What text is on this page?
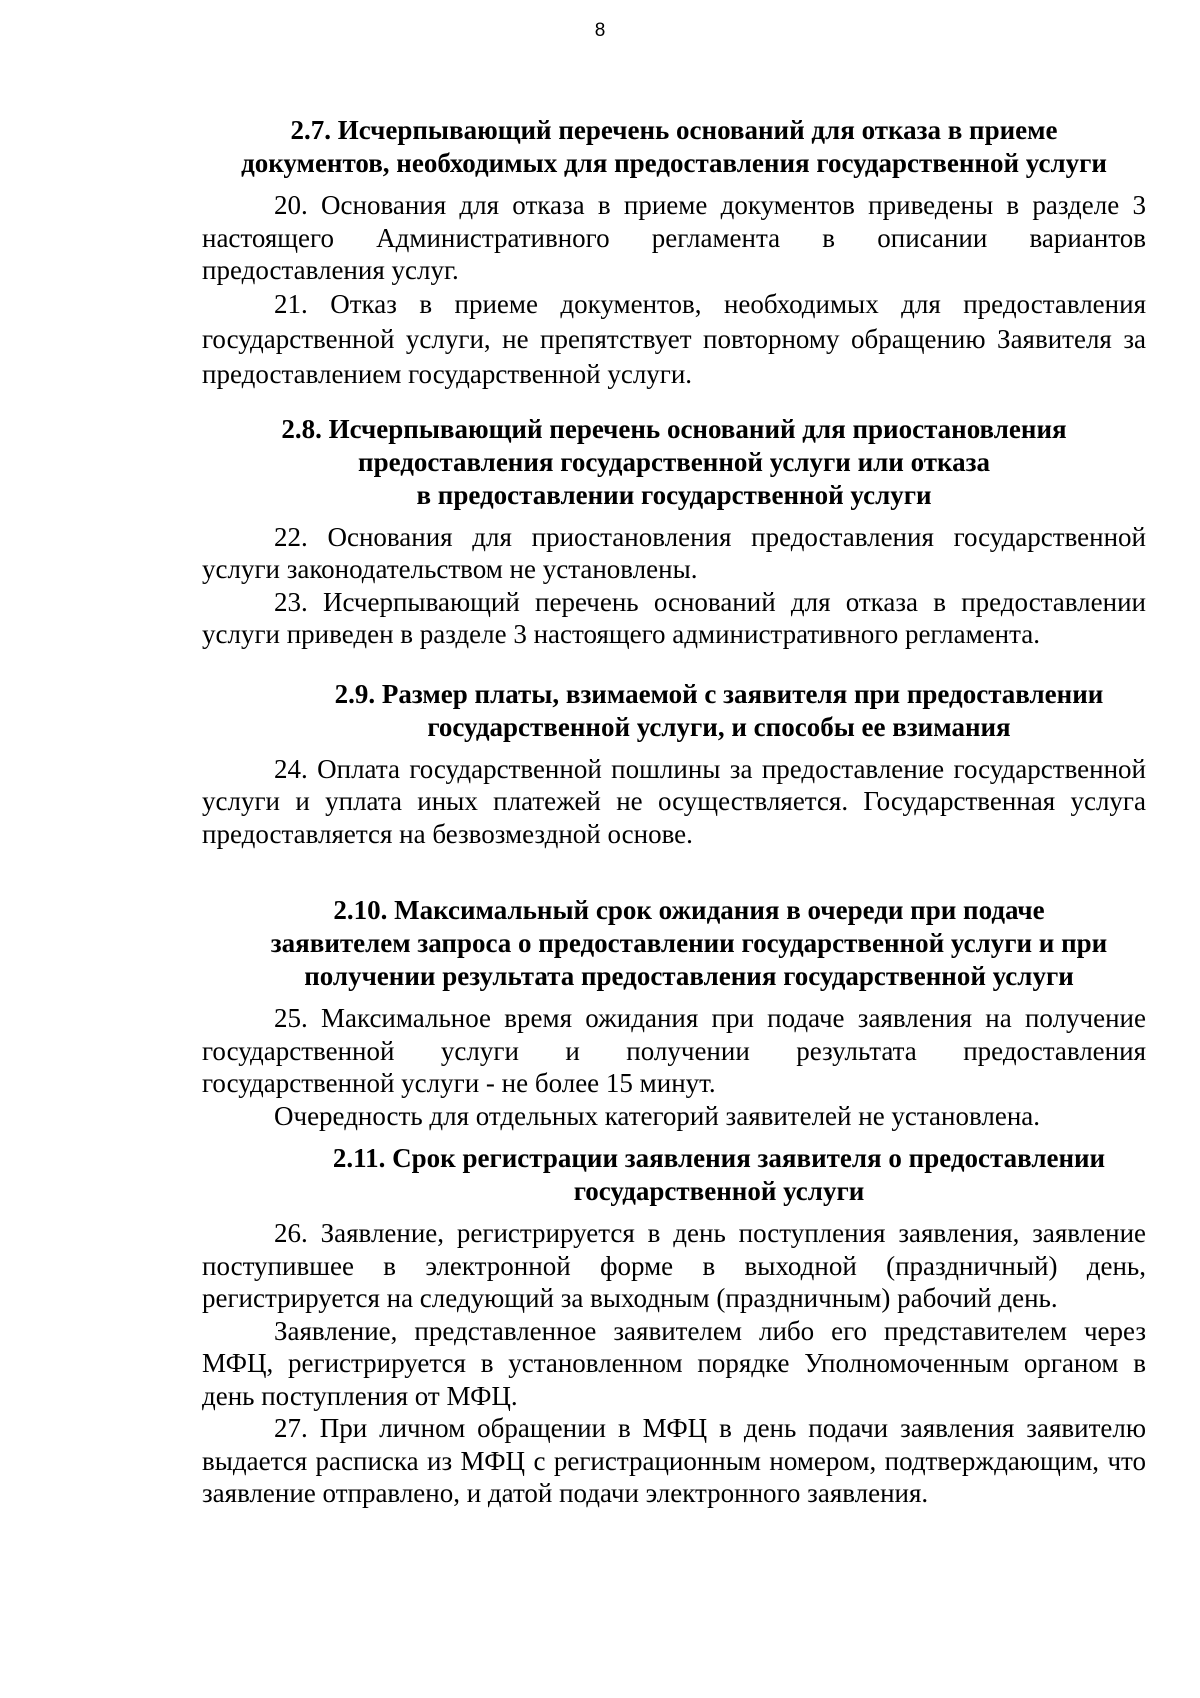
8
2.7. Исчерпывающий перечень оснований для отказа в приеме
документов, необходимых для предоставления государственной услуги

20. Основания для отказа в приеме документов приведены в разделе 3 настоящего Административного регламента в описании вариантов предоставления услуг.

21. Отказ в приеме документов, необходимых для предоставления государственной услуги, не препятствует повторному обращению Заявителя за предоставлением государственной услуги.

2.8. Исчерпывающий перечень оснований для приостановления
предоставления государственной услуги или отказа
в предоставлении государственной услуги

22. Основания для приостановления предоставления государственной услуги законодательством не установлены.

23. Исчерпывающий перечень оснований для отказа в предоставлении услуги приведен в разделе 3 настоящего административного регламента.

2.9. Размер платы, взимаемой с заявителя при предоставлении
государственной услуги, и способы ее взимания

24. Оплата государственной пошлины за предоставление государственной услуги и уплата иных платежей не осуществляется. Государственная услуга предоставляется на безвозмездной основе.

2.10. Максимальный срок ожидания в очереди при подаче
заявителем запроса о предоставлении государственной услуги и при
получении результата предоставления государственной услуги

25. Максимальное время ожидания при подаче заявления на получение государственной услуги и получении результата предоставления государственной услуги - не более 15 минут.

Очередность для отдельных категорий заявителей не установлена.

2.11. Срок регистрации заявления заявителя о предоставлении
государственной услуги

26. Заявление, регистрируется в день поступления заявления, заявление поступившее в электронной форме в выходной (праздничный) день, регистрируется на следующий за выходным (праздничным) рабочий день.

Заявление, представленное заявителем либо его представителем через МФЦ, регистрируется в установленном порядке Уполномоченным органом в день поступления от МФЦ.

27. При личном обращении в МФЦ в день подачи заявления заявителю выдается расписка из МФЦ с регистрационным номером, подтверждающим, что заявление отправлено, и датой подачи электронного заявления.
